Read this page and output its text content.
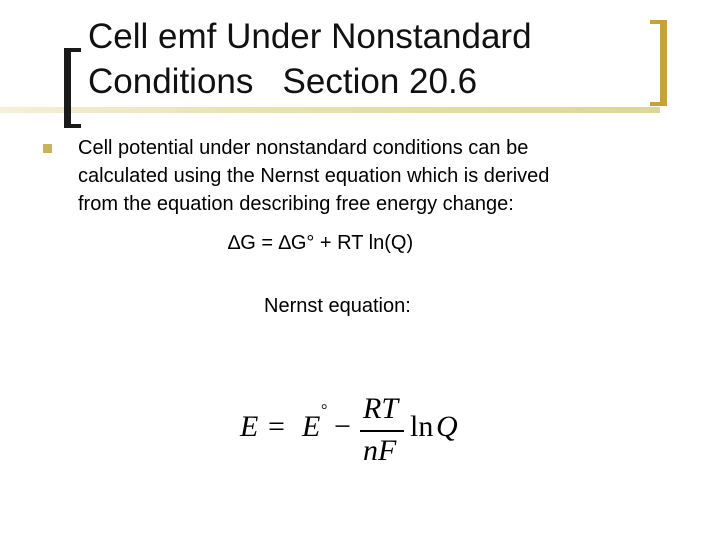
Cell emf Under Nonstandard
Conditions   Section 20.6
Cell potential under nonstandard conditions can be
calculated using the Nernst equation which is derived
from the equation describing free energy change:
∆G = ∆G° + RT ln(Q)
Nernst equation:
E = E ° −
RT
nF
ln Q
